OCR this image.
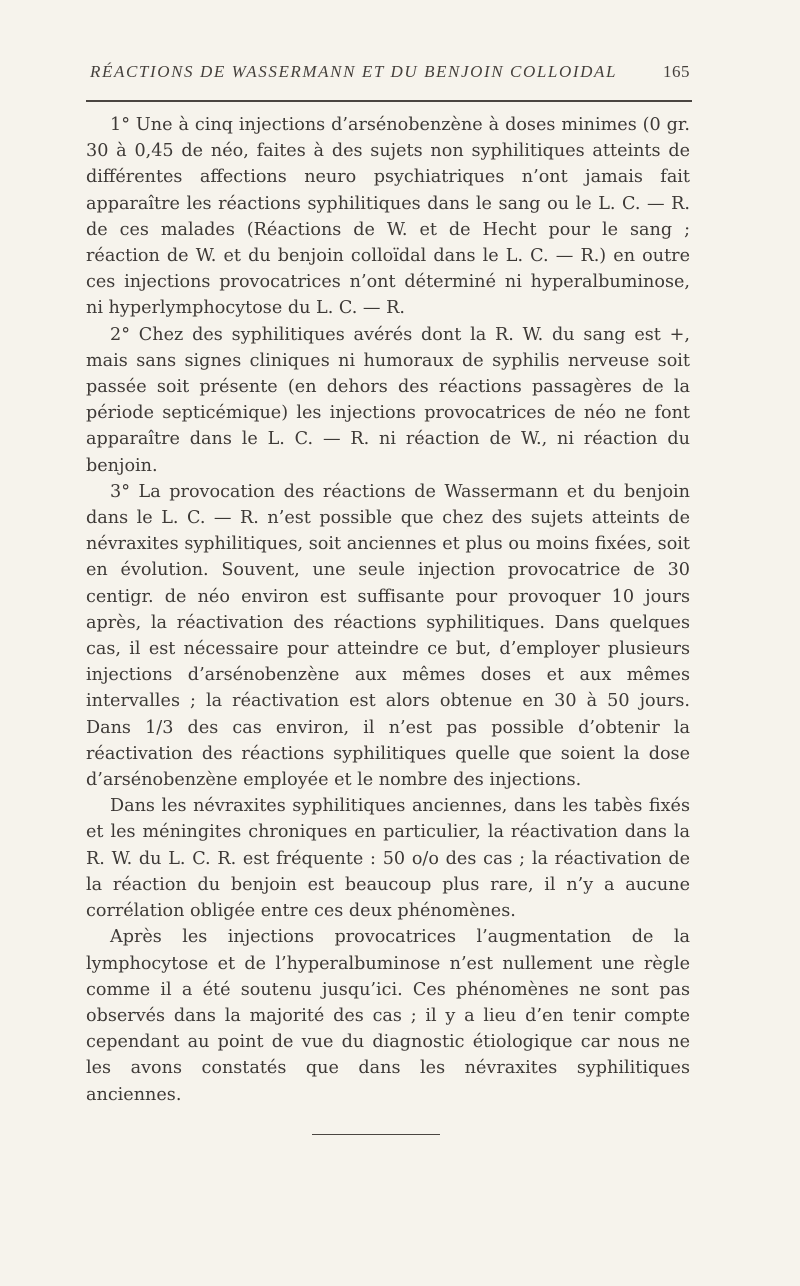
RÉACTIONS DE WASSERMANN ET DU BENJOIN COLLOIDAL	165

1° Une à cinq injections d’arsénobenzène à doses minimes (0 gr. 30 à 0,45 de néo, faites à des sujets non syphilitiques atteints de différentes affections neuro psychiatriques n’ont jamais fait apparaître les réactions syphilitiques dans le sang ou le L. C. — R. de ces malades (Réactions de W. et de Hecht pour le sang ; réaction de W. et du benjoin colloïdal dans le L. C. — R.) en outre ces injections provocatrices n’ont déterminé ni hyperalbuminose, ni hyperlymphocytose du L. C. — R.

2° Chez des syphilitiques avérés dont la R. W. du sang est +, mais sans signes cliniques ni humoraux de syphilis nerveuse soit passée soit présente (en dehors des réactions passagères de la période septicémique) les injections provocatrices de néo ne font apparaître dans le L. C. — R. ni réaction de W., ni réaction du benjoin.

3° La provocation des réactions de Wassermann et du benjoin dans le L. C. — R. n’est possible que chez des sujets atteints de névraxites syphilitiques, soit anciennes et plus ou moins fixées, soit en évolution. Souvent, une seule injection provocatrice de 30 centigr. de néo environ est suffisante pour provoquer 10 jours après, la réactivation des réactions syphilitiques. Dans quelques cas, il est nécessaire pour atteindre ce but, d’employer plusieurs injections d’arsénobenzène aux mêmes doses et aux mêmes intervalles ; la réactivation est alors obtenue en 30 à 50 jours. Dans 1/3 des cas environ, il n’est pas possible d’obtenir la réactivation des réactions syphilitiques quelle que soient la dose d’arsénobenzène employée et le nombre des injections.

Dans les névraxites syphilitiques anciennes, dans les tabès fixés et les méningites chroniques en particulier, la réactivation dans la R. W. du L. C. R. est fréquente : 50 o/o des cas ; la réactivation de la réaction du benjoin est beaucoup plus rare, il n’y a aucune corrélation obligée entre ces deux phénomènes.

Après les injections provocatrices l’augmentation de la lymphocytose et de l’hyperalbuminose n’est nullement une règle comme il a été soutenu jusqu’ici. Ces phénomènes ne sont pas observés dans la majorité des cas ; il y a lieu d’en tenir compte cependant au point de vue du diagnostic étiologique car nous ne les avons constatés que dans les névraxites syphilitiques anciennes.
